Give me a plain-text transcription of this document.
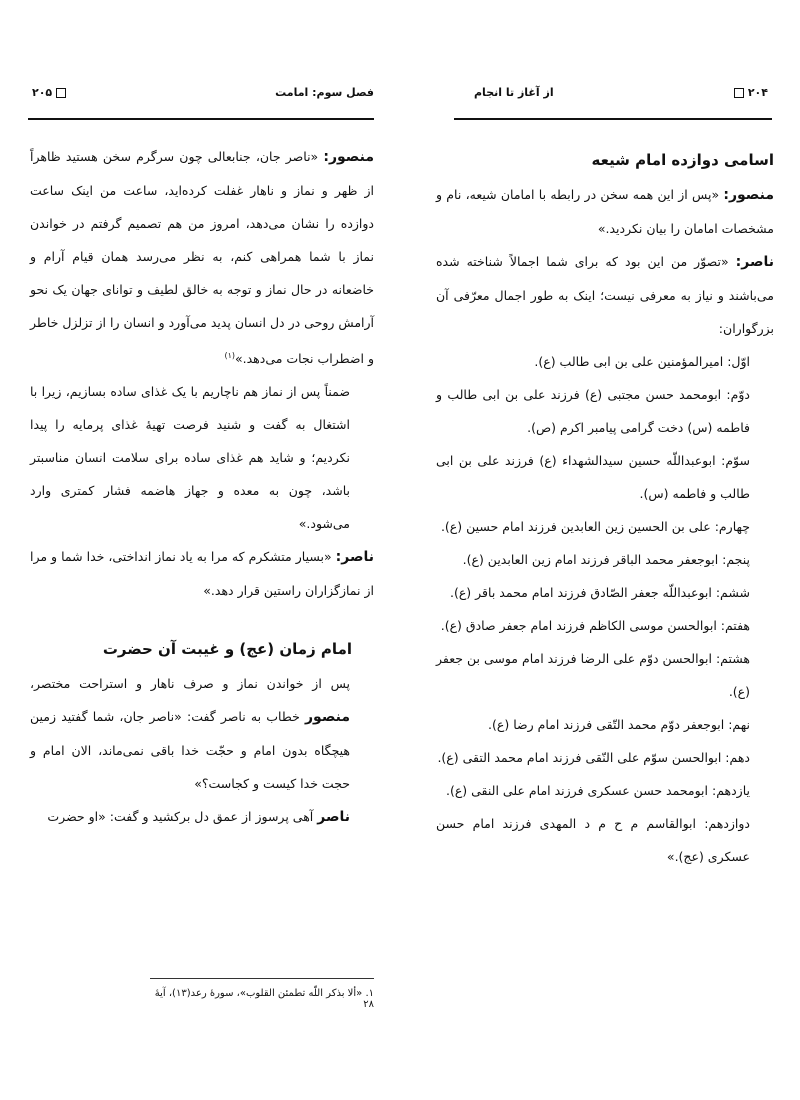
۲۰۴
از آغاز تا انجام

اسامی دوازده امام شیعه

منصور: «پس از این همه سخن در رابطه با امامان شیعه، نام و مشخصات امامان را بیان نکردید.»

ناصر: «تصوّر من این بود که برای شما اجمالاً شناخته شده می‌باشند و نیاز به معرفی نیست؛ اینک به طور اجمال معرّفی آن بزرگواران:

اوّل: امیرالمؤمنین علی بن ابی طالب (ع).

دوّم: ابومحمد حسن مجتبی (ع) فرزند علی بن ابی طالب و فاطمه (س) دخت گرامی پیامبر اکرم (ص).

سوّم: ابوعبداللّه حسین سیدالشهداء (ع) فرزند علی بن ابی طالب و فاطمه (س).

چهارم: علی بن الحسین زین العابدین فرزند امام حسین (ع).

پنجم: ابوجعفر محمد الباقر فرزند امام زین العابدین (ع).

ششم: ابوعبداللّه جعفر الصّادق فرزند امام محمد باقر (ع).

هفتم: ابوالحسن موسی الکاظم فرزند امام جعفر صادق (ع).

هشتم: ابوالحسن دوّم علی الرضا فرزند امام موسی بن جعفر (ع).

نهم: ابوجعفر دوّم محمد التّقی فرزند امام رضا (ع).

دهم: ابوالحسن سوّم علی النّقی فرزند امام محمد التقی (ع).

یازدهم: ابومحمد حسن عسکری فرزند امام علی النقی (ع).

دوازدهم: ابوالقاسم م ح م د المهدی فرزند امام حسن عسکری (عج).»

فصل سوم: امامت
۲۰۵

منصور: «ناصر جان، جنابعالی چون سرگرم سخن هستید ظاهراً از ظهر و نماز و ناهار غفلت کرده‌اید، ساعت من اینک ساعت دوازده را نشان می‌دهد، امروز من هم تصمیم گرفتم در خواندن نماز با شما همراهی کنم، به نظر می‌رسد همان قیام آرام و خاضعانه در حال نماز و توجه به خالق لطیف و توانای جهان یک نحو آرامش روحی در دل انسان پدید می‌آورد و انسان را از تزلزل خاطر و اضطراب نجات می‌دهد.»$^{(۱)}$

ضمناً پس از نماز هم ناچاریم با یک غذای ساده بسازیم، زیرا با اشتغال به گفت و شنید فرصت تهیهٔ غذای پرمایه را پیدا نکردیم؛ و شاید هم غذای ساده برای سلامت انسان مناسبتر باشد، چون به معده و جهاز هاضمه فشار کمتری وارد می‌شود.»

ناصر: «بسیار متشکرم که مرا به یاد نماز انداختی، خدا شما و مرا از نمازگزاران راستین قرار دهد.»

امام زمان (عج) و غیبت آن حضرت

پس از خواندن نماز و صرف ناهار و استراحت مختصر، منصور خطاب به ناصر گفت: «ناصر جان، شما گفتید زمین هیچگاه بدون امام و حجّت خدا باقی نمی‌ماند، الان امام و حجت خدا کیست و کجاست؟»

ناصر آهی پرسوز از عمق دل برکشید و گفت: «او حضرت

۱. «ألا بذکر اللّه تطمئن القلوب»، سورهٔ رعد(۱۳)، آیهٔ ۲۸
